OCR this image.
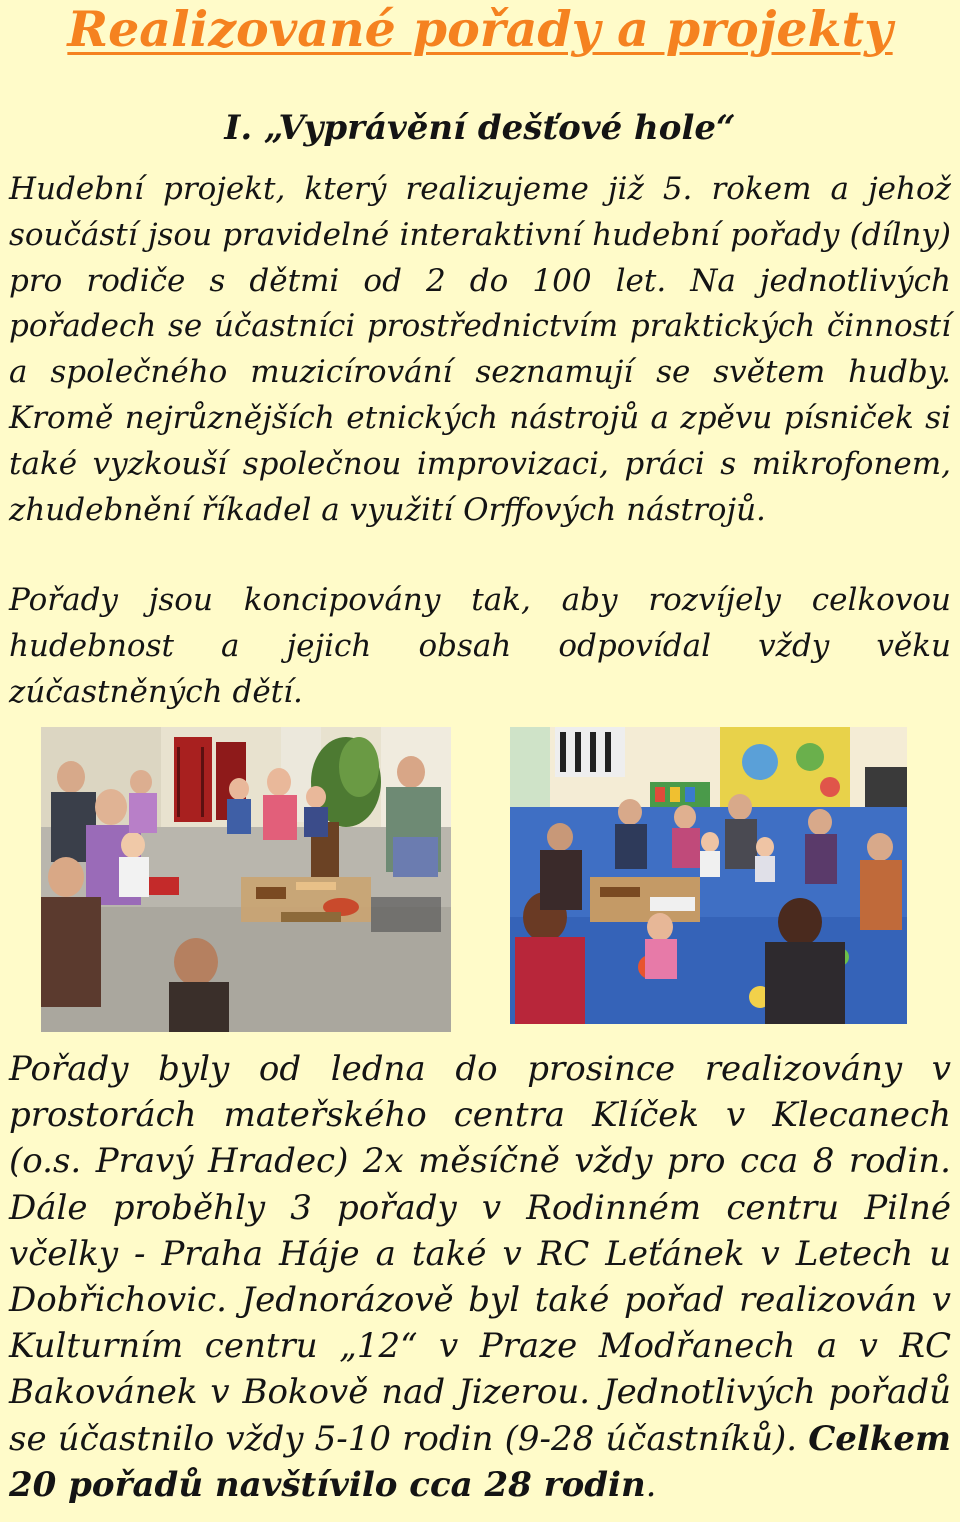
Realizované pořady a projekty
I. „Vyprávění dešťové hole“

Hudební projekt, který realizujeme již 5. rokem a jehož součástí jsou pravidelné interaktivní hudební pořady (dílny) pro rodiče s dětmi od 2 do 100 let. Na jednotlivých pořadech se účastníci prostřednictvím praktických činností a společného muzicírování seznamují se světem hudby. Kromě nejrůznějších etnických nástrojů a zpěvu písniček si také vyzkouší společnou improvizaci, práci s mikrofonem, zhudebnění říkadel a využití Orffových nástrojů.

Pořady jsou koncipovány tak, aby rozvíjely celkovou hudebnost a jejich obsah odpovídal vždy věku zúčastněných dětí.

Pořady byly od ledna do prosince realizovány v prostorách mateřského centra Klíček v Klecanech (o.s. Pravý Hradec) 2x měsíčně vždy pro cca 8 rodin. Dále proběhly 3 pořady v Rodinném centru Pilné včelky - Praha Háje a také v RC Leťánek v Letech u Dobřichovic. Jednorázově byl také pořad realizován v Kulturním centru „12“ v Praze Modřanech a v RC Bakovánek v Bokově nad Jizerou. Jednotlivých pořadů se účastnilo vždy 5-10 rodin (9-28 účastníků). Celkem 20 pořadů navštívilo cca 28 rodin.
